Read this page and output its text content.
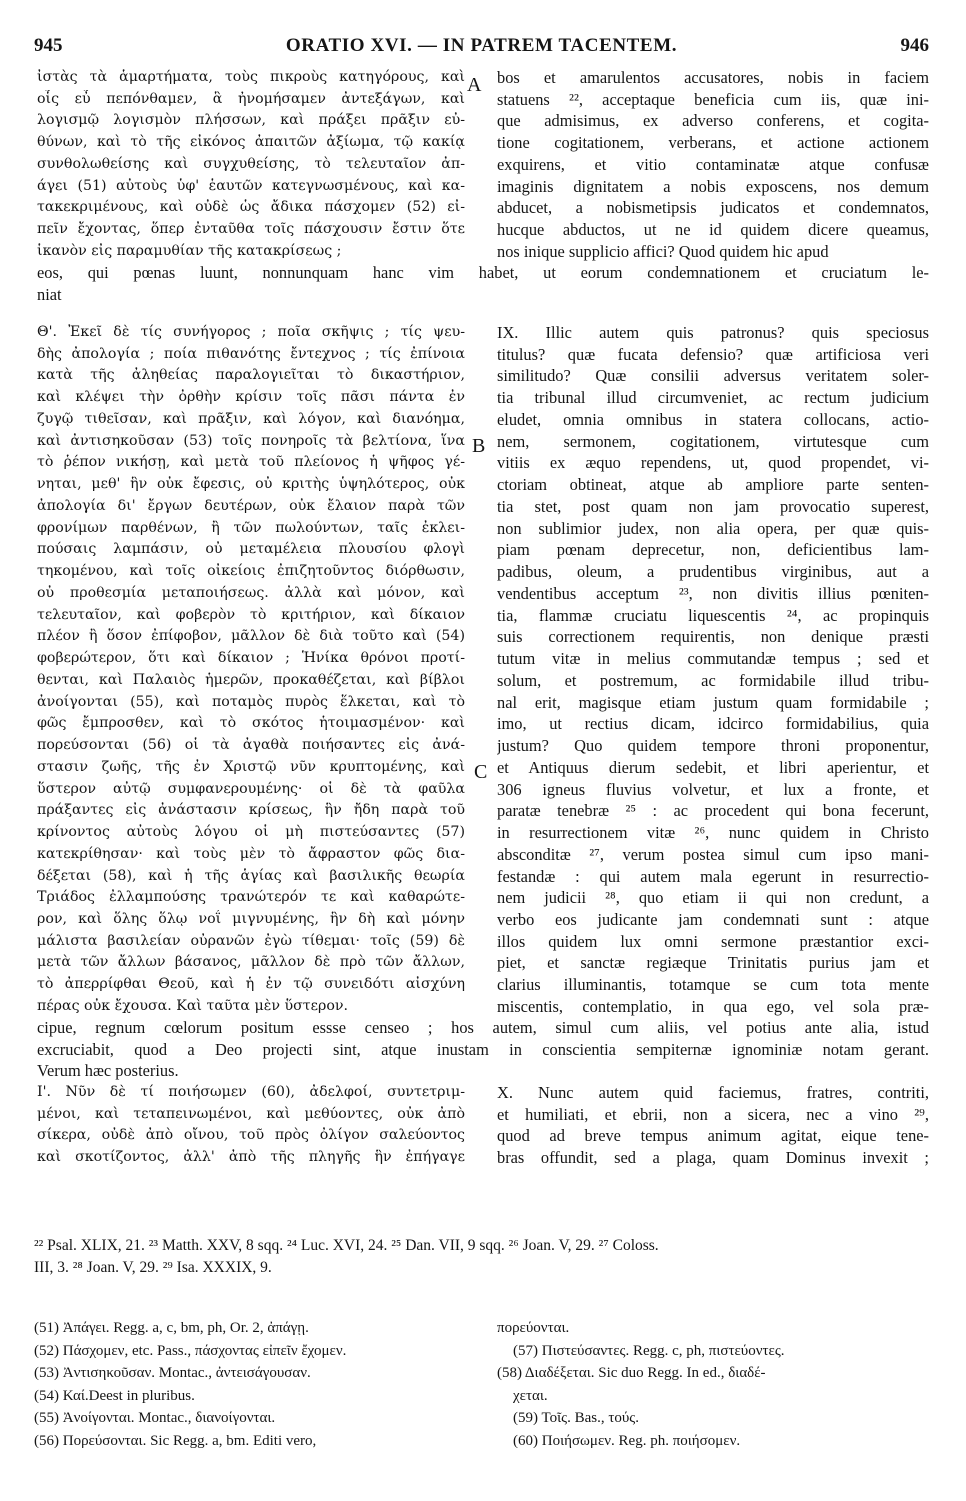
945	ORATIO XVI. — IN PATREM TACENTEM.	946
ἰστὰς τὰ ἁμαρτήματα, τοὺς πικροὺς κατηγόρους, καὶ
οἷς εὖ πεπόνθαμεν, ἃ ἠνομήσαμεν ἀντεξάγων, καὶ
λογισμῷ λογισμὸν πλήσσων, καὶ πράξει πρᾶξιν εὐ-
θύνων, καὶ τὸ τῆς εἰκόνος ἀπαιτῶν ἀξίωμα, τῷ κακίᾳ
συνθολωθείσης καὶ συγχυθείσης, τὸ τελευταῖον ἀπ-
άγει (51) αὐτοὺς ὑφ' ἑαυτῶν κατεγνωσμένους, καὶ κα-
τακεκριμένους, καὶ οὐδὲ ὡς ἄδικα πάσχομεν (52) εἰ-
πεῖν ἔχοντας, ὅπερ ἐνταῦθα τοῖς πάσχουσιν ἔστιν ὅτε
ἱκανὸν εἰς παραμυθίαν τῆς κατακρίσεως ;
bos et amarulentos accusatores, nobis in faciem
statuens ²², acceptaque beneficia cum iis, quæ ini-
que admisimus, ex adverso conferens, et cogita-
tione cogitationem, verberans, et actione actionem
exquirens, et vitio contaminatæ atque confusæ
imaginis dignitatem a nobis exposcens, nos demum
abducet, a nobismetipsis judicatos et condemnatos,
hucque abductos, ut ne id quidem dicere queamus,
nos inique supplicio affici? Quod quidem hic apud
eos, qui pœnas luunt, nonnunquam hanc vim habet, ut eorum condemnationem et cruciatum le-
niat
Θ'. Ἐκεῖ δὲ τίς συνήγορος ; ποῖα σκῆψις ; τίς ψευ-
δὴς ἀπολογία ; ποία πιθανότης ἔντεχνος ; τίς ἐπίνοια
κατὰ τῆς ἀληθείας παραλογιεῖται τὸ δικαστήριον,
καὶ κλέψει τὴν ὀρθὴν κρίσιν τοῖς πᾶσι πάντα ἐν
ζυγῷ τιθεῖσαν, καὶ πρᾶξιν, καὶ λόγον, καὶ διανόημα,
καὶ ἀντισηκοῦσαν (53) τοῖς πονηροῖς τὰ βελτίονα, ἵνα
τὸ ῥέπον νικήσῃ, καὶ μετὰ τοῦ πλείονος ἡ ψῆφος γέ-
νηται, μεθ' ἣν οὐκ ἔφεσις, οὐ κριτὴς ὑψηλότερος, οὐκ
ἀπολογία δι' ἔργων δευτέρων, οὐκ ἔλαιον παρὰ τῶν
φρονίμων παρθένων, ἢ τῶν πωλούντων, ταῖς ἐκλει-
πούσαις λαμπάσιν, οὐ μεταμέλεια πλουσίου φλογὶ
τηκομένου, καὶ τοῖς οἰκείοις ἐπιζητοῦντος διόρθωσιν,
οὐ προθεσμία μεταποιήσεως. ἀλλὰ καὶ μόνον, καὶ
τελευταῖον, καὶ φοβερὸν τὸ κριτήριον, καὶ δίκαιον
πλέον ἢ ὅσον ἐπίφοβον, μᾶλλον δὲ διὰ τοῦτο καὶ (54)
φοβερώτερον, ὅτι καὶ δίκαιον ; Ἡνίκα θρόνοι προτί-
θενται, καὶ Παλαιὸς ἡμερῶν, προκαθέζεται, καὶ βίβλοι
ἀνοίγονται (55), καὶ ποταμὸς πυρὸς ἕλκεται, καὶ τὸ
φῶς ἔμπροσθεν, καὶ τὸ σκότος ἡτοιμασμένον· καὶ
πορεύσονται (56) οἱ τὰ ἀγαθὰ ποιήσαντες εἰς ἀνά-
στασιν ζωῆς, τῆς ἐν Χριστῷ νῦν κρυπτομένης, καὶ
ὕστερον αὐτῷ συμφανερουμένης· οἱ δὲ τὰ φαῦλα
πράξαντες εἰς ἀνάστασιν κρίσεως, ἣν ἤδη παρὰ τοῦ
κρίνοντος αὐτοὺς λόγου οἱ μὴ πιστεύσαντες (57)
κατεκρίθησαν· καὶ τοὺς μὲν τὸ ἄφραστον φῶς δια-
δέξεται (58), καὶ ἡ τῆς ἁγίας καὶ βασιλικῆς θεωρία
Τριάδος ἐλλαμπούσης τρανώτερόν τε καὶ καθαρώτε-
ρον, καὶ ὅλης ὅλῳ νοΐ μιγνυμένης, ἣν δὴ καὶ μόνην
μάλιστα βασιλείαν οὐρανῶν ἐγὼ τίθεμαι· τοῖς (59) δὲ
μετὰ τῶν ἄλλων βάσανος, μᾶλλον δὲ πρὸ τῶν ἄλλων,
τὸ ἀπερρίφθαι Θεοῦ, καὶ ἡ ἐν τῷ συνειδότι αἰσχύνη
πέρας οὐκ ἔχουσα. Καὶ ταῦτα μὲν ὕστερον.
IX. Illic autem quis patronus? quis speciosus
titulus? quæ fucata defensio? quæ artificiosa veri
similitudo? Quæ consilii adversus veritatem soler-
tia tribunal illud circumveniet, ac rectum judicium
eludet, omnia omnibus in statera collocans, actio-
nem, sermonem, cogitationem, virtutesque cum
vitiis ex æquo rependens, ut, quod propendet, vi-
ctoriam obtineat, atque ab ampliore parte senten-
tia stet, post quam non jam provocatio superest,
non sublimior judex, non alia opera, per quæ quis-
piam pœnam deprecetur, non, deficientibus lam-
padibus, oleum, a prudentibus virginibus, aut a
vendentibus acceptum ²³, non divitis illius pœniten-
tia, flammæ cruciatu liquescentis ²⁴, ac propinquis
suis correctionem requirentis, non denique præsti
tutum vitæ in melius commutandæ tempus ; sed et
solum, et postremum, ac formidabile illud tribu-
nal erit, magisque etiam justum quam formidabile ;
imo, ut rectius dicam, idcirco formidabilius, quia
justum? Quo quidem tempore throni proponentur,
et Antiquus dierum sedebit, et libri aperientur, et
306 igneus fluvius volvetur, et lux a fronte, et
paratæ tenebræ ²⁵ : ac procedent qui bona fecerunt,
in resurrectionem vitæ ²⁶, nunc quidem in Christo
absconditæ ²⁷, verum postea simul cum ipso mani-
festandæ : qui autem mala egerunt in resurrectio-
nem judicii ²⁸, quo etiam ii qui non credunt, a
verbo eos judicante jam condemnati sunt : atque
illos quidem lux omni sermone præstantior exci-
piet, et sanctæ regiæque Trinitatis purius jam et
clarius illuminantis, totamque se cum tota mente
miscentis, contemplatio, in qua ego, vel sola præ-
cipue, regnum cœlorum positum essse censeo ; hos autem, simul cum aliis, vel potius ante alia, istud
excruciabit, quod a Deo projecti sint, atque inustam in conscientia sempiternæ ignominiæ notam gerant.
Verum hæc posterius.
Ι'. Νῦν δὲ τί ποιήσωμεν (60), ἀδελφοί, συντετριμ-
μένοι, καὶ τεταπεινωμένοι, καὶ μεθύοντες, οὐκ ἀπὸ
σίκερα, οὐδὲ ἀπὸ οἴνου, τοῦ πρὸς ὀλίγον σαλεύοντος
καὶ σκοτίζοντος, ἀλλ' ἀπὸ τῆς πληγῆς ἣν ἐπήγαγε
X. Nunc autem quid faciemus, fratres, contriti,
et humiliati, et ebrii, non a sicera, nec a vino ²⁹,
quod ad breve tempus animum agitat, eique tene-
bras offundit, sed a plaga, quam Dominus invexit ;
A
B
C
²² Psal. XLIX, 21. ²³ Matth. XXV, 8 sqq. ²⁴ Luc. XVI, 24. ²⁵ Dan. VII, 9 sqq. ²⁶ Joan. V, 29. ²⁷ Coloss.
III, 3. ²⁸ Joan. V, 29. ²⁹ Isa. XXXIX, 9.
(51) Ἀπάγει. Regg. a, c, bm, ph, Or. 2, ἀπάγῃ.
(52) Πάσχομεν, etc. Pass., πάσχοντας εἰπεῖν ἔχομεν.
(53) Ἀντισηκοῦσαν. Montac., ἀντεισάγουσαν.
(54) Καί.Deest in pluribus.
(55) Ἀνοίγονται. Montac., διανοίγονται.
(56) Πορεύσονται. Sic Regg. a, bm. Editi vero,
πορεύονται.
(57) Πιστεύσαντες. Regg. c, ph, πιστεύοντες.
(58) Διαδέξεται. Sic duo Regg. In ed., διαδέ-
χεται.
(59) Τοῖς. Bas., τούς.
(60) Ποιήσωμεν. Reg. ph. ποιήσομεν.
